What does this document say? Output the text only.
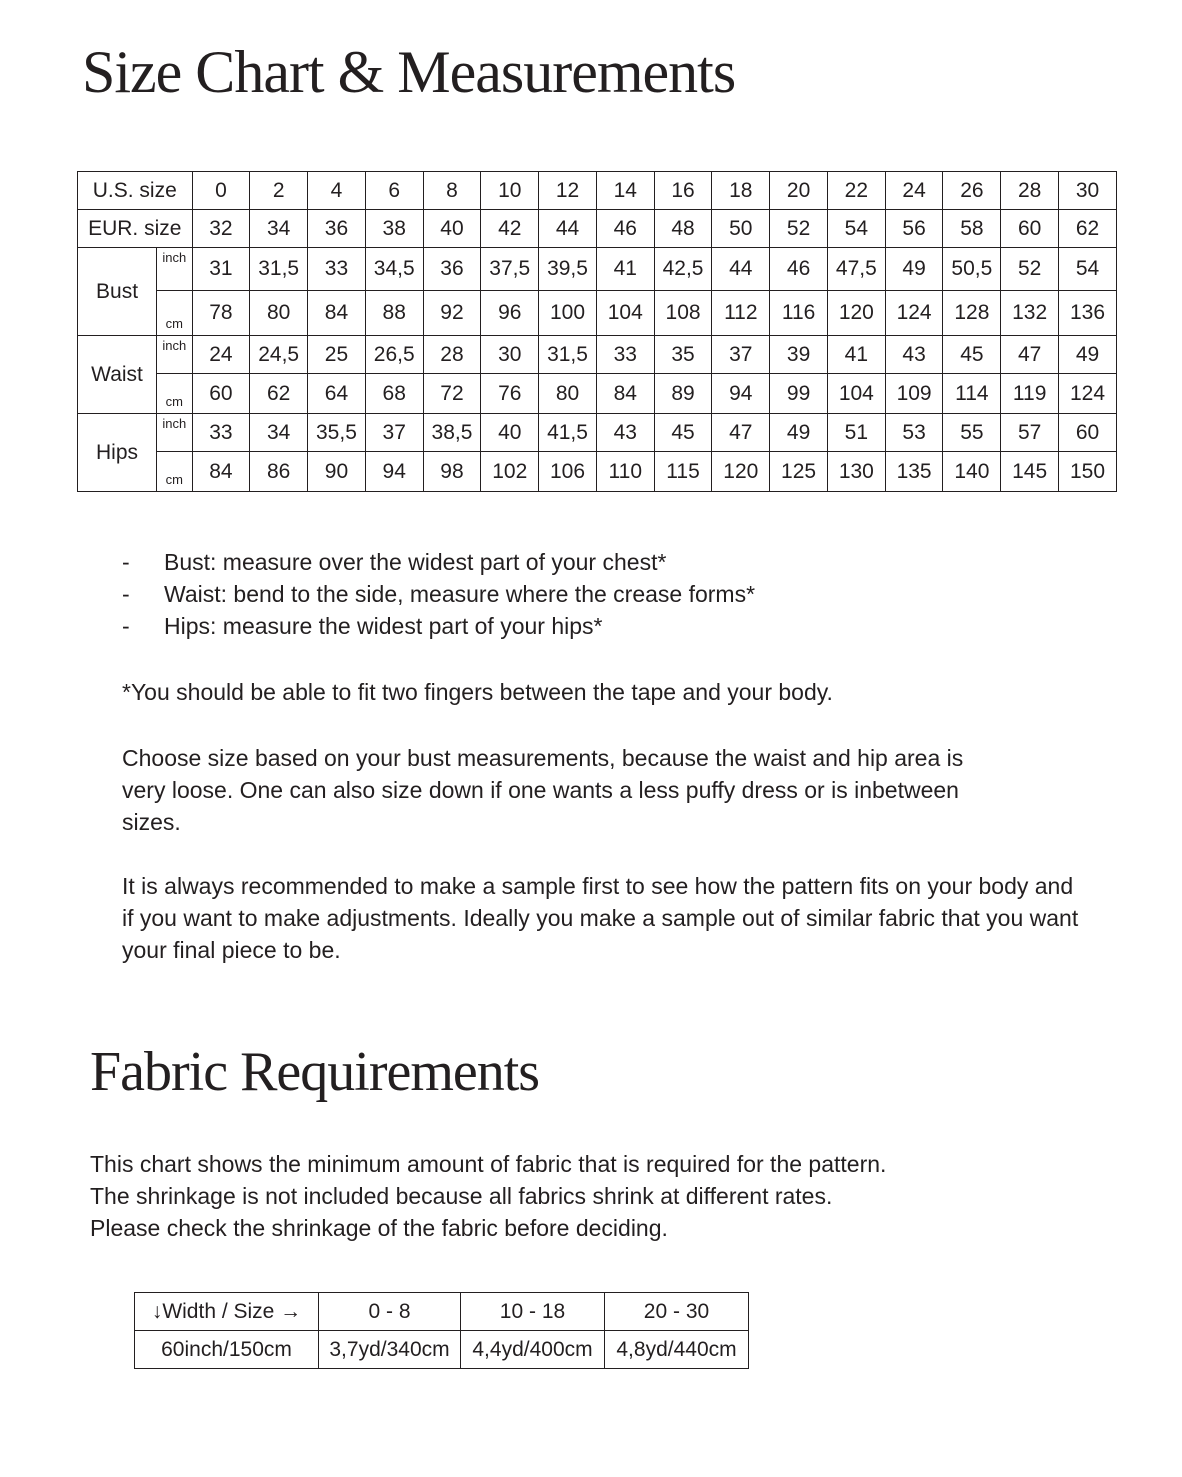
Size Chart & Measurements
U.S. size		0	2	4	6	8	10	12	14	16	18	20	22	24	26	28	30
EUR. size		32	34	36	38	40	42	44	46	48	50	52	54	56	58	60	62
Bust	inch	31	31,5	33	34,5	36	37,5	39,5	41	42,5	44	46	47,5	49	50,5	52	54
	cm	78	80	84	88	92	96	100	104	108	112	116	120	124	128	132	136
Waist	inch	24	24,5	25	26,5	28	30	31,5	33	35	37	39	41	43	45	47	49
	cm	60	62	64	68	72	76	80	84	89	94	99	104	109	114	119	124
Hips	inch	33	34	35,5	37	38,5	40	41,5	43	45	47	49	51	53	55	57	60
	cm	84	86	90	94	98	102	106	110	115	120	125	130	135	140	145	150
- Bust: measure over the widest part of your chest*
- Waist: bend to the side, measure where the crease forms*
- Hips: measure the widest part of your hips*

*You should be able to fit two fingers between the tape and your body.

Choose size based on your bust measurements, because the waist and hip area is very loose. One can also size down if one wants a less puffy dress or is inbetween sizes.

It is always recommended to make a sample first to see how the pattern fits on your body and if you want to make adjustments. Ideally you make a sample out of similar fabric that you want your final piece to be.

Fabric Requirements
This chart shows the minimum amount of fabric that is required for the pattern.
The shrinkage is not included because all fabrics shrink at different rates.
Please check the shrinkage of the fabric before deciding.
↓Width / Size →	0 - 8	10 - 18	20 - 30
60inch/150cm	3,7yd/340cm	4,4yd/400cm	4,8yd/440cm
